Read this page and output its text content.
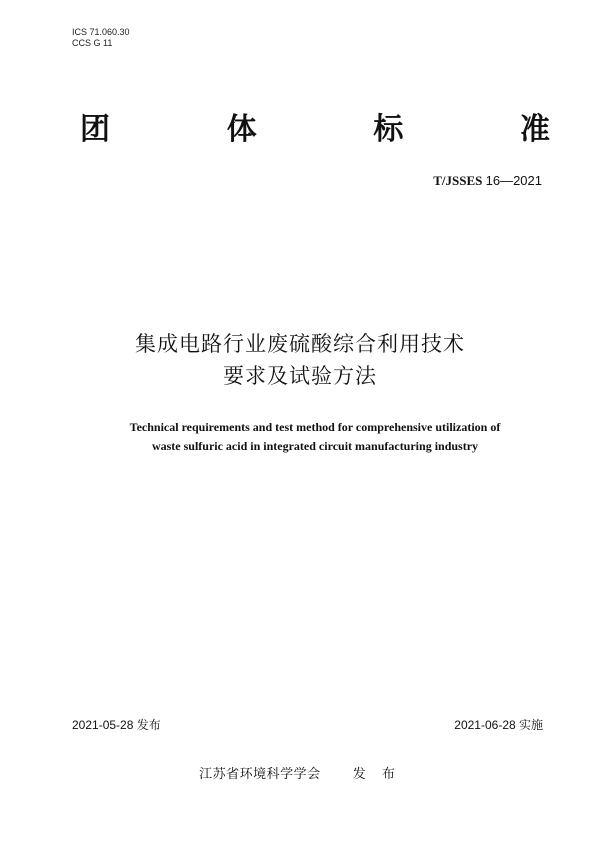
ICS 71.060.30
CCS G 11
团	体	标	准
T/JSSES 16—2021
集成电路行业废硫酸综合利用技术
要求及试验方法
Technical requirements and test method for comprehensive utilization of
waste sulfuric acid in integrated circuit manufacturing industry
2021-05-28 发布	2021-06-28 实施
江苏省环境科学学会 发 布
